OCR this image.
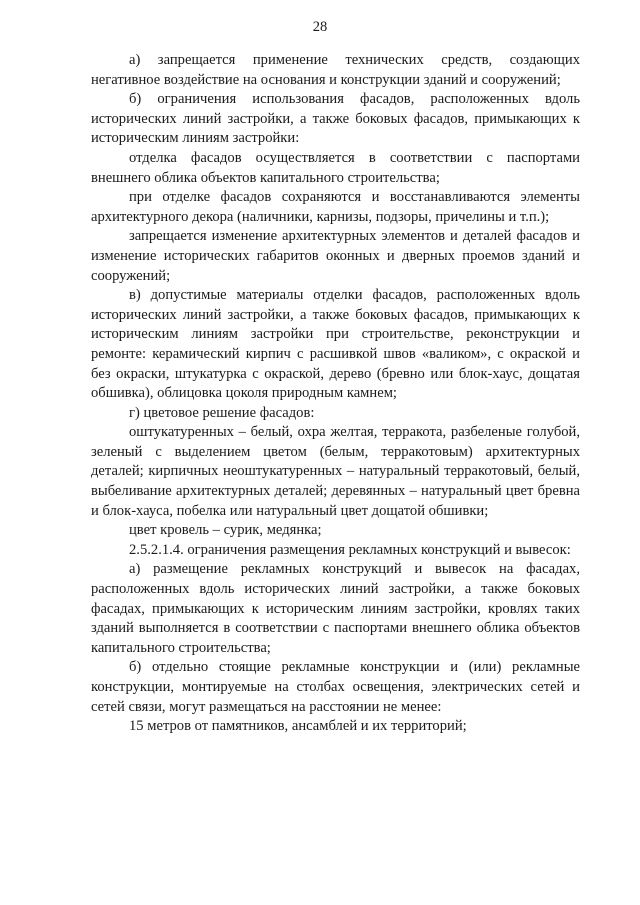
28

а) запрещается применение технических средств, создающих негативное воздействие на основания и конструкции зданий и сооружений;

б) ограничения использования фасадов, расположенных вдоль исторических линий застройки, а также боковых фасадов, примыкающих к историческим линиям застройки:

отделка фасадов осуществляется в соответствии с паспортами внешнего облика объектов капитального строительства;

при отделке фасадов сохраняются и восстанавливаются элементы архитектурного декора (наличники, карнизы, подзоры, причелины и т.п.);

запрещается изменение архитектурных элементов и деталей фасадов и изменение исторических габаритов оконных и дверных проемов зданий и сооружений;

в) допустимые материалы отделки фасадов, расположенных вдоль исторических линий застройки, а также боковых фасадов, примыкающих к историческим линиям застройки при строительстве, реконструкции и ремонте: керамический кирпич с расшивкой швов «валиком», с окраской и без окраски, штукатурка с окраской, дерево (бревно или блок-хаус, дощатая обшивка), облицовка цоколя природным камнем;

г) цветовое решение фасадов:

оштукатуренных – белый, охра желтая, терракота, разбеленые голубой, зеленый с выделением цветом (белым, терракотовым) архитектурных деталей; кирпичных неоштукатуренных – натуральный терракотовый, белый, выбеливание архитектурных деталей; деревянных – натуральный цвет бревна и блок-хауса, побелка или натуральный цвет дощатой обшивки;

цвет кровель – сурик, медянка;

2.5.2.1.4. ограничения размещения рекламных конструкций и вывесок:

а) размещение рекламных конструкций и вывесок на фасадах, расположенных вдоль исторических линий застройки, а также боковых фасадах, примыкающих к историческим линиям застройки, кровлях таких зданий выполняется в соответствии с паспортами внешнего облика объектов капитального строительства;

б) отдельно стоящие рекламные конструкции и (или) рекламные конструкции, монтируемые на столбах освещения, электрических сетей и сетей связи, могут размещаться на расстоянии не менее:

15 метров от памятников, ансамблей и их территорий;
